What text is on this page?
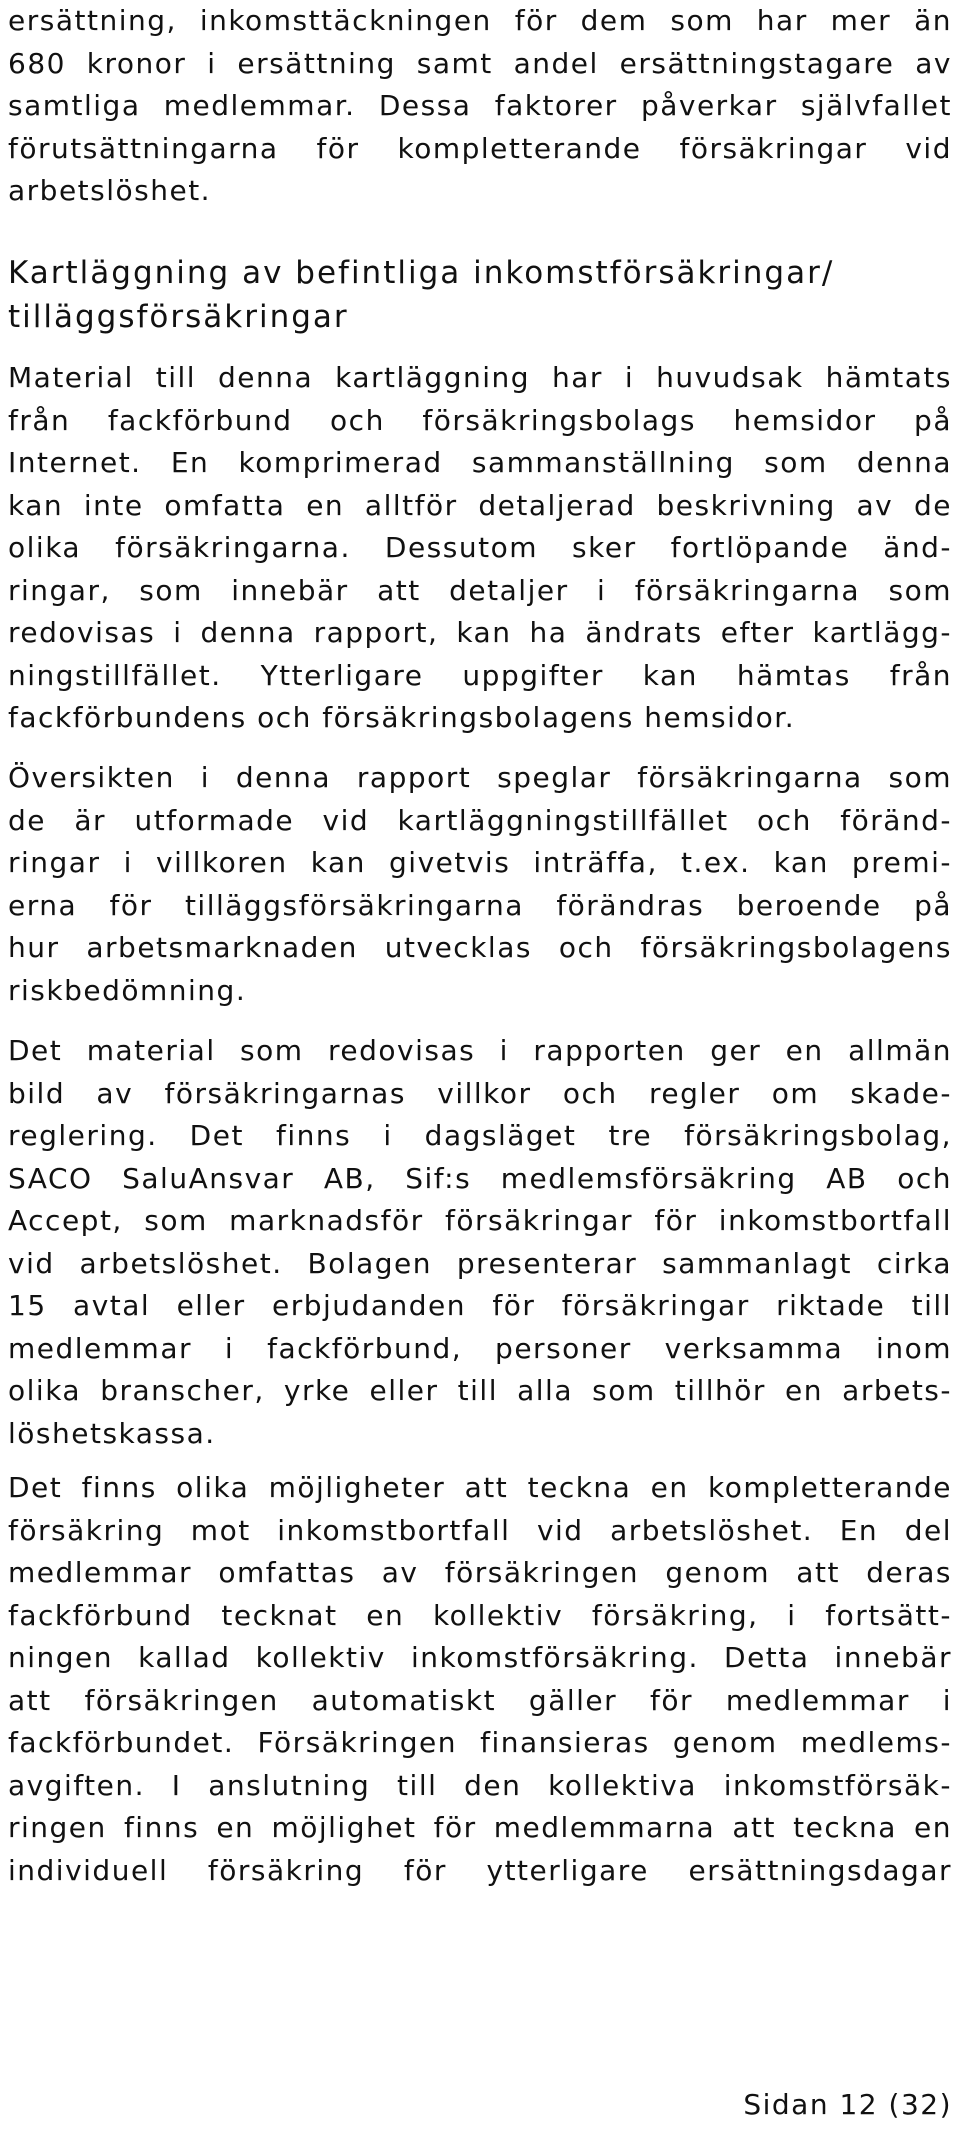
ersättning, inkomsttäckningen för dem som har mer än
680 kronor i ersättning samt andel ersättningstagare av
samtliga medlemmar. Dessa faktorer påverkar självfallet
förutsättningarna för kompletterande försäkringar vid
arbetslöshet.
Kartläggning av befintliga inkomstförsäkringar/
tilläggsförsäkringar
Material till denna kartläggning har i huvudsak hämtats
från fackförbund och försäkringsbolags hemsidor på
Internet. En komprimerad sammanställning som denna
kan inte omfatta en alltför detaljerad beskrivning av de
olika försäkringarna. Dessutom sker fortlöpande änd-
ringar, som innebär att detaljer i försäkringarna som
redovisas i denna rapport, kan ha ändrats efter kartlägg-
ningstillfället. Ytterligare uppgifter kan hämtas från
fackförbundens och försäkringsbolagens hemsidor.
Översikten i denna rapport speglar försäkringarna som
de är utformade vid kartläggningstillfället och föränd-
ringar i villkoren kan givetvis inträffa, t.ex. kan premi-
erna för tilläggsförsäkringarna förändras beroende på
hur arbetsmarknaden utvecklas och försäkringsbolagens
riskbedömning.
Det material som redovisas i rapporten ger en allmän
bild av försäkringarnas villkor och regler om skade-
reglering. Det finns i dagsläget tre försäkringsbolag,
SACO SaluAnsvar AB, Sif:s medlemsförsäkring AB och
Accept, som marknadsför försäkringar för inkomstbortfall
vid arbetslöshet. Bolagen presenterar sammanlagt cirka
15 avtal eller erbjudanden för försäkringar riktade till
medlemmar i fackförbund, personer verksamma inom
olika branscher, yrke eller till alla som tillhör en arbets-
löshetskassa.
Det finns olika möjligheter att teckna en kompletterande
försäkring mot inkomstbortfall vid arbetslöshet. En del
medlemmar omfattas av försäkringen genom att deras
fackförbund tecknat en kollektiv försäkring, i fortsätt-
ningen kallad kollektiv inkomstförsäkring. Detta innebär
att försäkringen automatiskt gäller för medlemmar i
fackförbundet. Försäkringen finansieras genom medlems-
avgiften. I anslutning till den kollektiva inkomstförsäk-
ringen finns en möjlighet för medlemmarna att teckna en
individuell försäkring för ytterligare ersättningsdagar
Sidan 12 (32)
